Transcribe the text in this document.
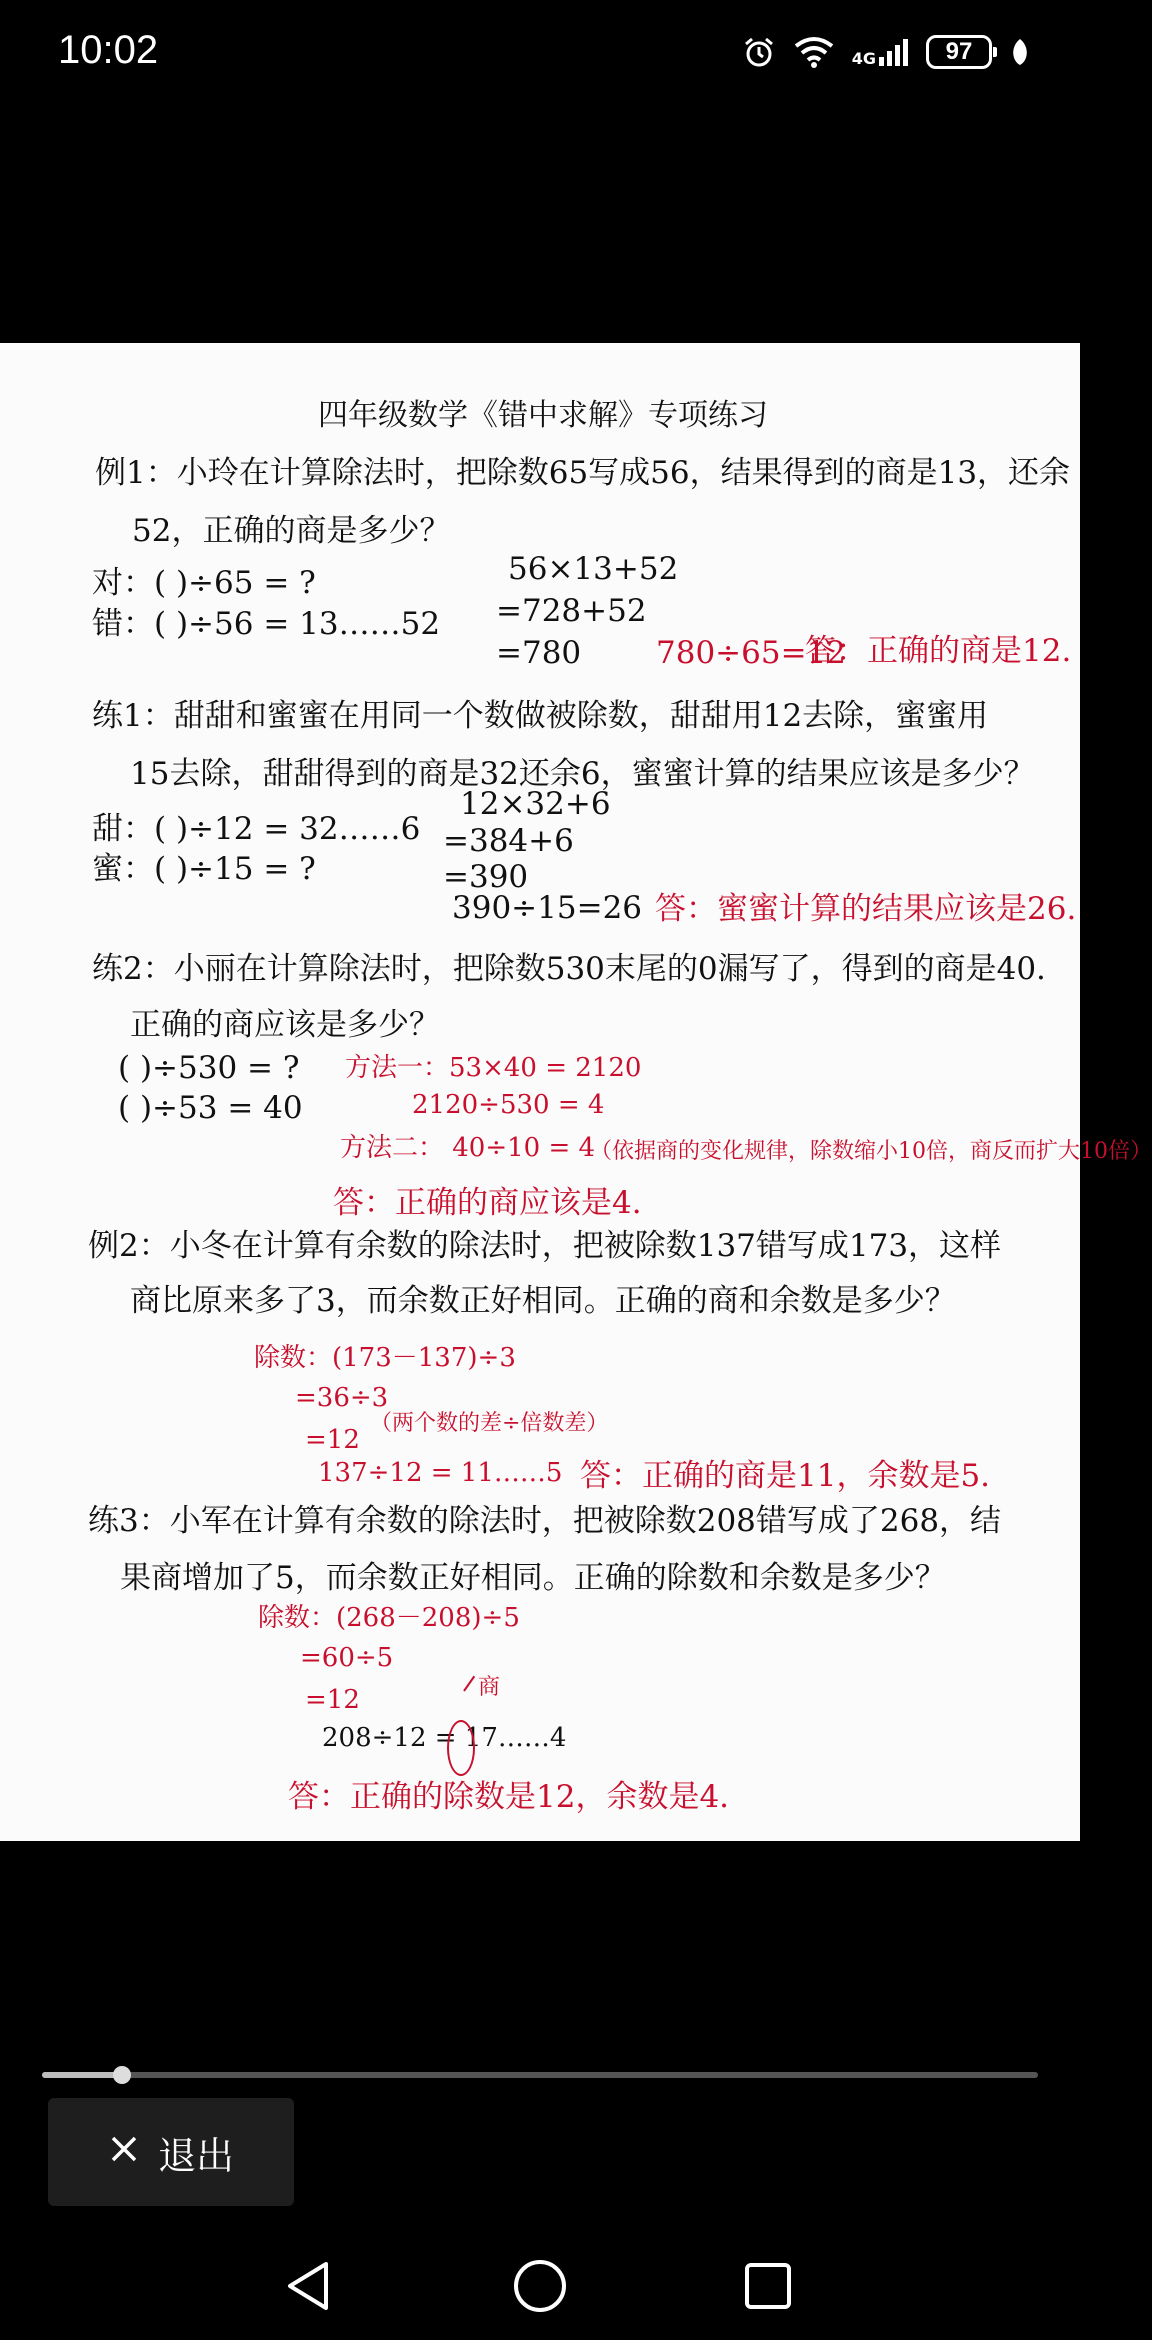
10:02	4G	97
四年级数学《错中求解》专项练习
例1：小玲在计算除法时，把除数65写成56，结果得到的商是13，还余
52，正确的商是多少？
对：( )÷65 = ?
错：( )÷56 = 13……52
56×13+52
=728+52
=780 780÷65=12
答：正确的商是12.
练1：甜甜和蜜蜜在用同一个数做被除数，甜甜用12去除，蜜蜜用
15去除，甜甜得到的商是32还余6，蜜蜜计算的结果应该是多少？
甜：( )÷12 = 32……6
蜜：( )÷15 = ?
12×32+6
=384+6
=390
390÷15=26 答：蜜蜜计算的结果应该是26.
练2：小丽在计算除法时，把除数530末尾的0漏写了，得到的商是40.
正确的商应该是多少？
( )÷530 = ?
( )÷53 = 40
方法一：53×40 = 2120
2120÷530 = 4
方法二： 40÷10 = 4
（依据商的变化规律，除数缩小10倍，商反而扩大10倍）
答：正确的商应该是4.
例2：小冬在计算有余数的除法时，把被除数137错写成173，这样
商比原来多了3，而余数正好相同。正确的商和余数是多少？
除数：(173－137)÷3
=36÷3
=12
（两个数的差÷倍数差）
137÷12 = 11……5 答：正确的商是11，余数是5.
练3：小军在计算有余数的除法时，把被除数208错写成了268，结
果商增加了5，而余数正好相同。正确的除数和余数是多少？
除数：(268－208)÷5
=60÷5
=12	商
208÷12 = 17……4
答：正确的除数是12，余数是4.
退出
